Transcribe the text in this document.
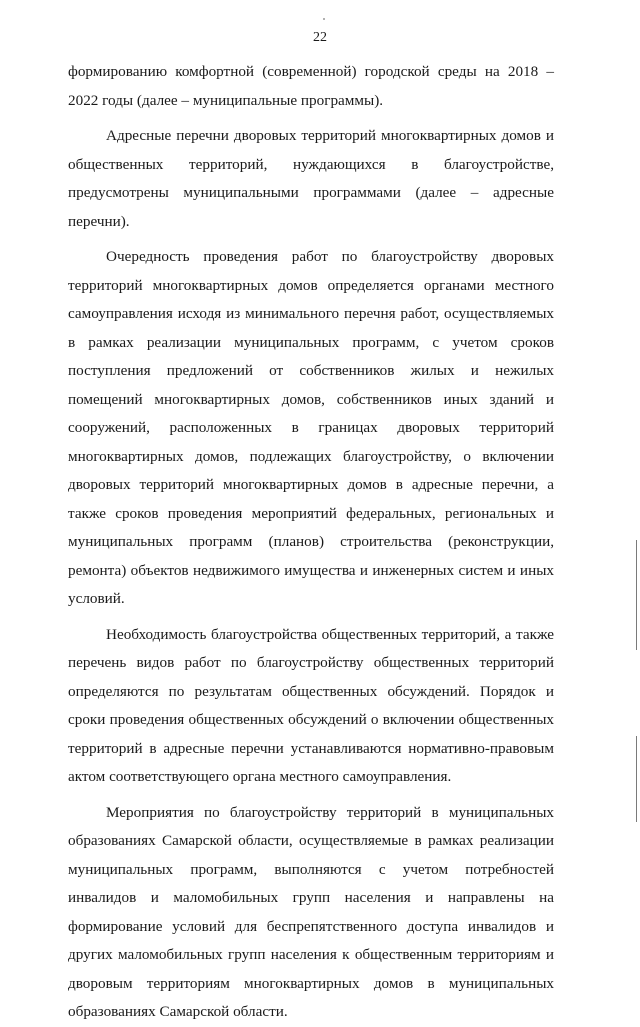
22

формированию комфортной (современной) городской среды на 2018 – 2022 годы (далее – муниципальные программы).

Адресные перечни дворовых территорий многоквартирных домов и общественных территорий, нуждающихся в благоустройстве, предусмотрены муниципальными программами (далее – адресные перечни).

Очередность проведения работ по благоустройству дворовых территорий многоквартирных домов определяется органами местного самоуправления исходя из минимального перечня работ, осуществляемых в рамках реализации муниципальных программ, с учетом сроков поступления предложений от собственников жилых и нежилых помещений многоквартирных домов, собственников иных зданий и сооружений, расположенных в границах дворовых территорий многоквартирных домов, подлежащих благоустройству, о включении дворовых территорий многоквартирных домов в адресные перечни, а также сроков проведения мероприятий федеральных, региональных и муниципальных программ (планов) строительства (реконструкции, ремонта) объектов недвижимого имущества и инженерных систем и иных условий.

Необходимость благоустройства общественных территорий, а также перечень видов работ по благоустройству общественных территорий определяются по результатам общественных обсуждений. Порядок и сроки проведения общественных обсуждений о включении общественных территорий в адресные перечни устанавливаются нормативно-правовым актом соответствующего органа местного самоуправления.

Мероприятия по благоустройству территорий в муниципальных образованиях Самарской области, осуществляемые в рамках реализации муниципальных программ, выполняются с учетом потребностей инвалидов и маломобильных групп населения и направлены на формирование условий для беспрепятственного доступа инвалидов и других маломобильных групп населения к общественным территориям и дворовым территориям многоквартирных домов в муниципальных образованиях Самарской области.
